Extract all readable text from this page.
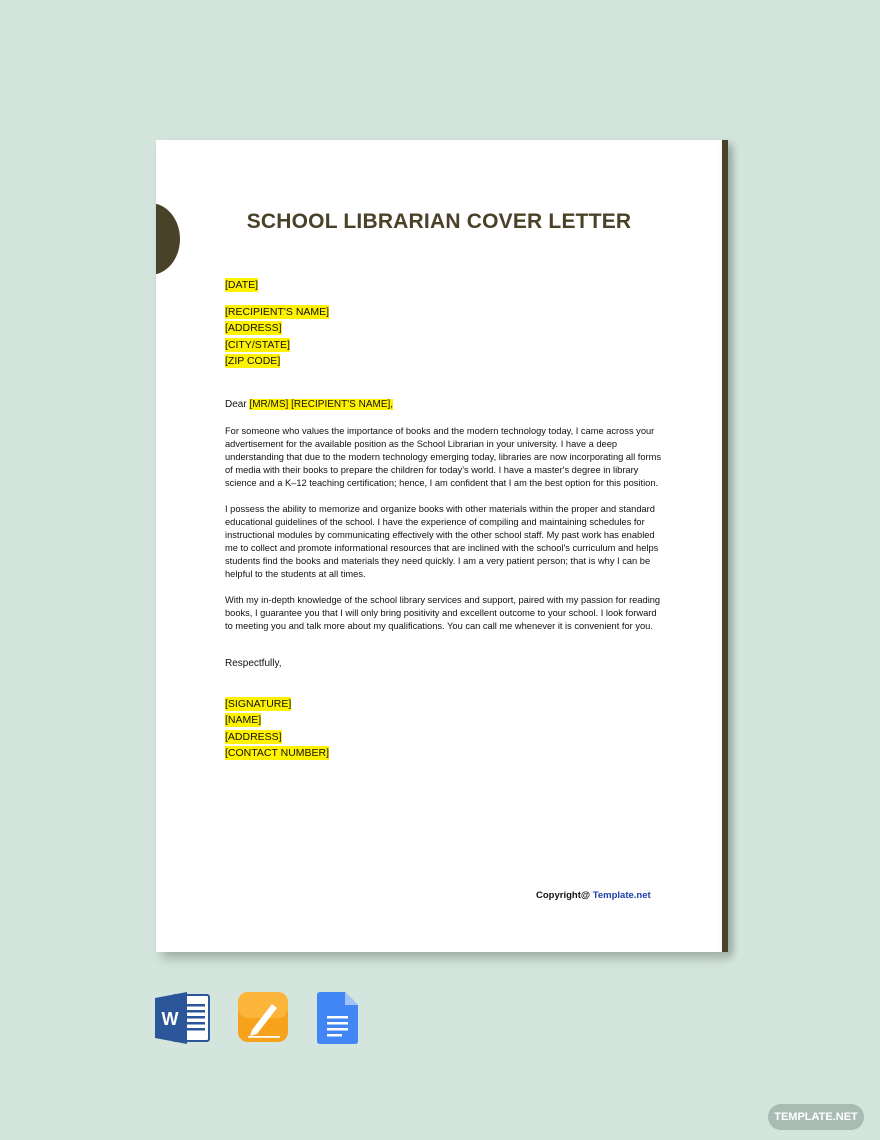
SCHOOL LIBRARIAN COVER LETTER
[DATE]
[RECIPIENT'S NAME]
[ADDRESS]
[CITY/STATE]
[ZIP CODE]
Dear [MR/MS] [RECIPIENT'S NAME],

For someone who values the importance of books and the modern technology today, I came across your advertisement for the available position as the School Librarian in your university. I have a deep understanding that due to the modern technology emerging today, libraries are now incorporating all forms of media with their books to prepare the children for today's world. I have a master's degree in library science and a K–12 teaching certification; hence, I am confident that I am the best option for this position.

I possess the ability to memorize and organize books with other materials within the proper and standard educational guidelines of the school. I have the experience of compiling and maintaining schedules for instructional modules by communicating effectively with the other school staff. My past work has enabled me to collect and promote informational resources that are inclined with the school's curriculum and helps students find the books and materials they need quickly. I am a very patient person; that is why I can be helpful to the students at all times.

With my in-depth knowledge of the school library services and support, paired with my passion for reading books, I guarantee you that I will only bring positivity and excellent outcome to your school. I look forward to meeting you and talk more about my qualifications. You can call me whenever it is convenient for you.

Respectfully,
[SIGNATURE]
[NAME]
[ADDRESS]
[CONTACT NUMBER]
Copyright@ Template.net
W
TEMPLATE.NET
